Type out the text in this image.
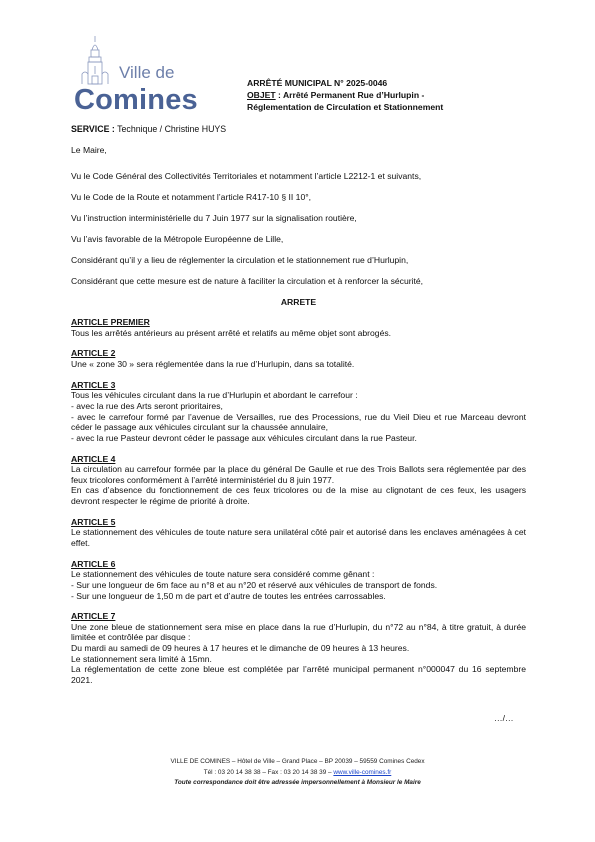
Ville de
Comines
ARRÊTÉ MUNICIPAL N° 2025-0046
OBJET : Arrêté Permanent Rue d’Hurlupin -
Réglementation de Circulation et Stationnement
SERVICE : Technique / Christine HUYS

Le Maire,

Vu le Code Général des Collectivités Territoriales et notamment l’article L2212-1 et suivants,

Vu le Code de la Route et notamment l’article R417-10 § II 10°,

Vu l’instruction interministérielle du 7 Juin 1977 sur la signalisation routière,

Vu l’avis favorable de la Métropole Européenne de Lille,

Considérant qu’il y a lieu de réglementer la circulation et le stationnement rue d’Hurlupin,

Considérant que cette mesure est de nature à faciliter la circulation et à renforcer la sécurité,

ARRETE

ARTICLE PREMIER
Tous les arrêtés antérieurs au présent arrêté et relatifs au même objet sont abrogés.
ARTICLE 2
Une « zone 30 » sera réglementée dans la rue d’Hurlupin, dans sa totalité.
ARTICLE 3
Tous les véhicules circulant dans la rue d’Hurlupin et abordant le carrefour :
- avec la rue des Arts seront prioritaires,
- avec le carrefour formé par l’avenue de Versailles, rue des Processions, rue du Vieil Dieu et rue Marceau devront céder le passage aux véhicules circulant sur la chaussée annulaire,
- avec la rue Pasteur devront céder le passage aux véhicules circulant dans la rue Pasteur.
ARTICLE 4
La circulation au carrefour formée par la place du général De Gaulle et rue des Trois Ballots sera réglementée par des feux tricolores conformément à l’arrêté interministériel du 8 juin 1977.
En cas d’absence du fonctionnement de ces feux tricolores ou de la mise au clignotant de ces feux, les usagers devront respecter le régime de priorité à droite.
ARTICLE 5
Le stationnement des véhicules de toute nature sera unilatéral côté pair et autorisé dans les enclaves aménagées à cet effet.
ARTICLE 6
Le stationnement des véhicules de toute nature sera considéré comme gênant :
- Sur une longueur de 6m face au n°8 et au n°20 et réservé aux véhicules de transport de fonds.
- Sur une longueur de 1,50 m de part et d’autre de toutes les entrées carrossables.
ARTICLE 7
Une zone bleue de stationnement sera mise en place dans la rue d’Hurlupin, du n°72 au n°84, à titre gratuit, à durée limitée et contrôlée par disque :
Du mardi au samedi de 09 heures à 17 heures et le dimanche de 09 heures à 13 heures.
Le stationnement sera limité à 15mn.
La réglementation de cette zone bleue est complétée par l’arrêté municipal permanent n°000047 du 16 septembre 2021.
…/…
VILLE DE COMINES – Hôtel de Ville – Grand Place – BP 20039 – 59559 Comines Cedex
Tél : 03 20 14 38 38 – Fax : 03 20 14 38 39 – www.ville-comines.fr
Toute correspondance doit être adressée impersonnellement à Monsieur le Maire
